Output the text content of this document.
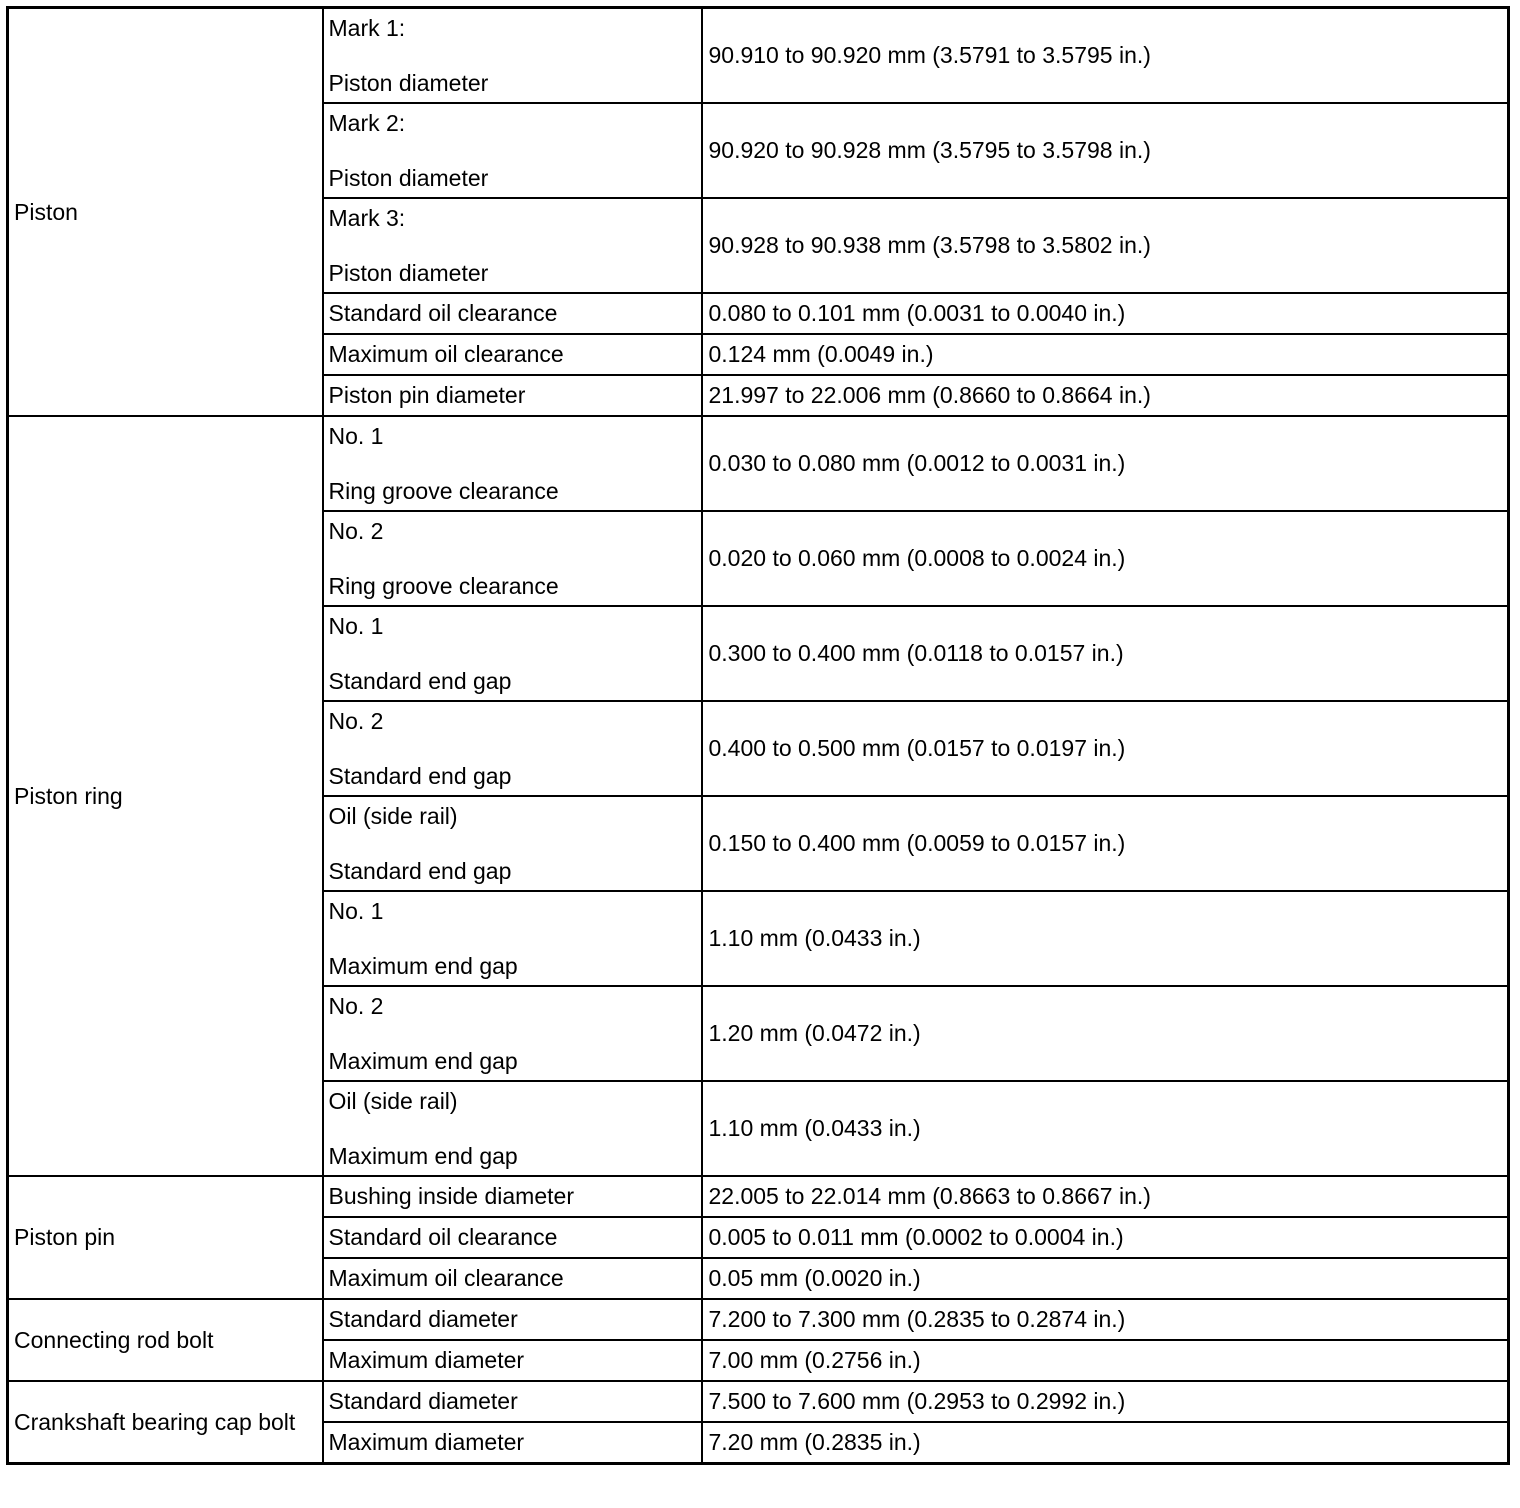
Piston	Mark 1:
Piston diameter	90.910 to 90.920 mm (3.5791 to 3.5795 in.)

	Mark 2:
Piston diameter	90.920 to 90.928 mm (3.5795 to 3.5798 in.)

	Mark 3:
Piston diameter	90.928 to 90.938 mm (3.5798 to 3.5802 in.)
	Standard oil clearance	0.080 to 0.101 mm (0.0031 to 0.0040 in.)
	Maximum oil clearance	0.124 mm (0.0049 in.)
	Piston pin diameter	21.997 to 22.006 mm (0.8660 to 0.8664 in.)
Piston ring	No. 1
Ring groove clearance	0.030 to 0.080 mm (0.0012 to 0.0031 in.)

	No. 2
Ring groove clearance	0.020 to 0.060 mm (0.0008 to 0.0024 in.)

	No. 1
Standard end gap	0.300 to 0.400 mm (0.0118 to 0.0157 in.)

	No. 2
Standard end gap	0.400 to 0.500 mm (0.0157 to 0.0197 in.)

	Oil (side rail)
Standard end gap	0.150 to 0.400 mm (0.0059 to 0.0157 in.)

	No. 1
Maximum end gap	1.10 mm (0.0433 in.)

	No. 2
Maximum end gap	1.20 mm (0.0472 in.)

	Oil (side rail)
Maximum end gap	1.10 mm (0.0433 in.)
Piston pin	Bushing inside diameter	22.005 to 22.014 mm (0.8663 to 0.8667 in.)
	Standard oil clearance	0.005 to 0.011 mm (0.0002 to 0.0004 in.)
	Maximum oil clearance	0.05 mm (0.0020 in.)
Connecting rod bolt	Standard diameter	7.200 to 7.300 mm (0.2835 to 0.2874 in.)
	Maximum diameter	7.00 mm (0.2756 in.)
Crankshaft bearing cap bolt	Standard diameter	7.500 to 7.600 mm (0.2953 to 0.2992 in.)
	Maximum diameter	7.20 mm (0.2835 in.)
